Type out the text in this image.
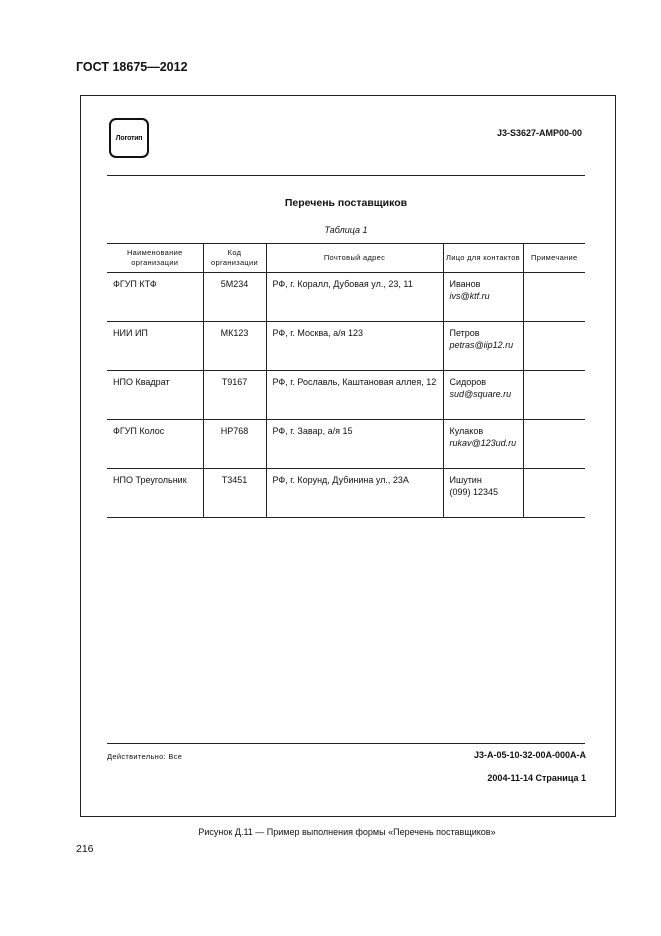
ГОСТ 18675—2012
Логотип	J3-S3627-AMP00-00
Перечень поставщиков
Таблица 1
Наименование организации	Код организации	Почтовый адрес	Лицо для контактов	Примечание
ФГУП КТФ	5М234	РФ, г. Коралл, Дубовая ул., 23, 11	Иванов
ivs@ktf.ru	

НИИ ИП	МК123	РФ, г. Москва, а/я 123	Петров
petras@iip12.ru	

НПО Квадрат	Т9167	РФ, г. Рославль, Каштановая аллея, 12	Сидоров
sud@square.ru	

ФГУП Колос	НР768	РФ, г. Завар, а/я 15	Кулаков
rukav@123ud.ru	

НПО Треугольник	Т3451	РФ, г. Корунд, Дубинина ул., 23А	Ишутин
(099) 12345	

Действительно: Все	J3-A-05-10-32-00A-000A-A
2004-11-14 Страница 1
Рисунок Д.11 — Пример выполнения формы «Перечень поставщиков»
216
